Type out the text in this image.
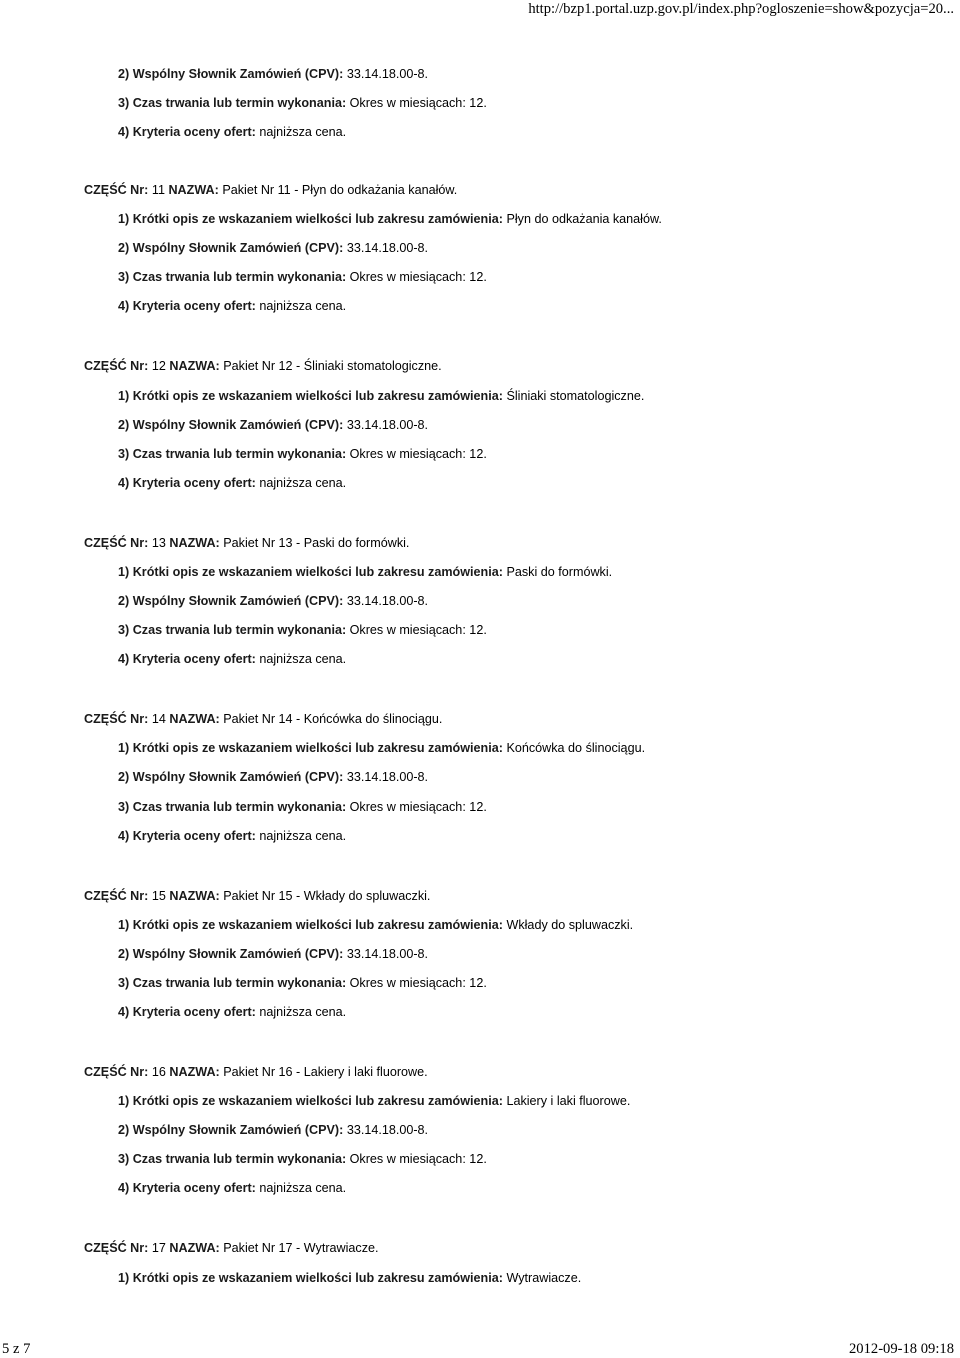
http://bzp1.portal.uzp.gov.pl/index.php?ogloszenie=show&pozycja=20...
2) Wspólny Słownik Zamówień (CPV): 33.14.18.00-8.
3) Czas trwania lub termin wykonania: Okres w miesiącach: 12.
4) Kryteria oceny ofert: najniższa cena.
CZĘŚĆ Nr: 11 NAZWA: Pakiet Nr 11 - Płyn do odkażania kanałów.
1) Krótki opis ze wskazaniem wielkości lub zakresu zamówienia: Płyn do odkażania kanałów.
2) Wspólny Słownik Zamówień (CPV): 33.14.18.00-8.
3) Czas trwania lub termin wykonania: Okres w miesiącach: 12.
4) Kryteria oceny ofert: najniższa cena.
CZĘŚĆ Nr: 12 NAZWA: Pakiet Nr 12 - Śliniaki stomatologiczne.
1) Krótki opis ze wskazaniem wielkości lub zakresu zamówienia: Śliniaki stomatologiczne.
2) Wspólny Słownik Zamówień (CPV): 33.14.18.00-8.
3) Czas trwania lub termin wykonania: Okres w miesiącach: 12.
4) Kryteria oceny ofert: najniższa cena.
CZĘŚĆ Nr: 13 NAZWA: Pakiet Nr 13 - Paski do formówki.
1) Krótki opis ze wskazaniem wielkości lub zakresu zamówienia: Paski do formówki.
2) Wspólny Słownik Zamówień (CPV): 33.14.18.00-8.
3) Czas trwania lub termin wykonania: Okres w miesiącach: 12.
4) Kryteria oceny ofert: najniższa cena.
CZĘŚĆ Nr: 14 NAZWA: Pakiet Nr 14 - Końcówka do ślinociągu.
1) Krótki opis ze wskazaniem wielkości lub zakresu zamówienia: Końcówka do ślinociągu.
2) Wspólny Słownik Zamówień (CPV): 33.14.18.00-8.
3) Czas trwania lub termin wykonania: Okres w miesiącach: 12.
4) Kryteria oceny ofert: najniższa cena.
CZĘŚĆ Nr: 15 NAZWA: Pakiet Nr 15 - Wkłady do spluwaczki.
1) Krótki opis ze wskazaniem wielkości lub zakresu zamówienia: Wkłady do spluwaczki.
2) Wspólny Słownik Zamówień (CPV): 33.14.18.00-8.
3) Czas trwania lub termin wykonania: Okres w miesiącach: 12.
4) Kryteria oceny ofert: najniższa cena.
CZĘŚĆ Nr: 16 NAZWA: Pakiet Nr 16 - Lakiery i laki fluorowe.
1) Krótki opis ze wskazaniem wielkości lub zakresu zamówienia: Lakiery i laki fluorowe.
2) Wspólny Słownik Zamówień (CPV): 33.14.18.00-8.
3) Czas trwania lub termin wykonania: Okres w miesiącach: 12.
4) Kryteria oceny ofert: najniższa cena.
CZĘŚĆ Nr: 17 NAZWA: Pakiet Nr 17 - Wytrawiacze.
1) Krótki opis ze wskazaniem wielkości lub zakresu zamówienia: Wytrawiacze.
5 z 7	2012-09-18 09:18
